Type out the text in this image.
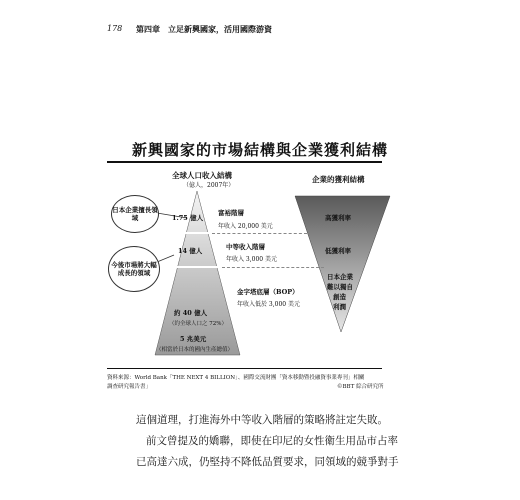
178 第四章　立足新興國家，活用國際游資
新興國家的市場結構與企業獲利結構
全球人口收入結構
（億人，2007年）
企業的獲利結構
日本企業擅長領域
今後市場將大幅成長的領域
1.75 億人
富裕階層
年收入 20,000 美元
14 億人	中等收入階層
年收入 3,000 美元
金字塔底層（BOP）
年收入低於 3,000 美元
約 40 億人
（約全球人口之 72%）
5 兆美元
（相當於日本的國內生產總值）
高獲利率
低獲利率
日本企業
難以獨自
創造
利潤
資料來源：World Bank「THE NEXT 4 BILLION」、國際交流財團「資本移動暨投融資事業專刊」相關
調查研究報告書」	©BBT 綜合研究所
這個道理，打進海外中等收入階層的策略將註定失敗。
前文曾提及的嬌聯，即使在印尼的女性衛生用品市占率
已高達六成，仍堅持不降低品質要求，同領域的競爭對手
